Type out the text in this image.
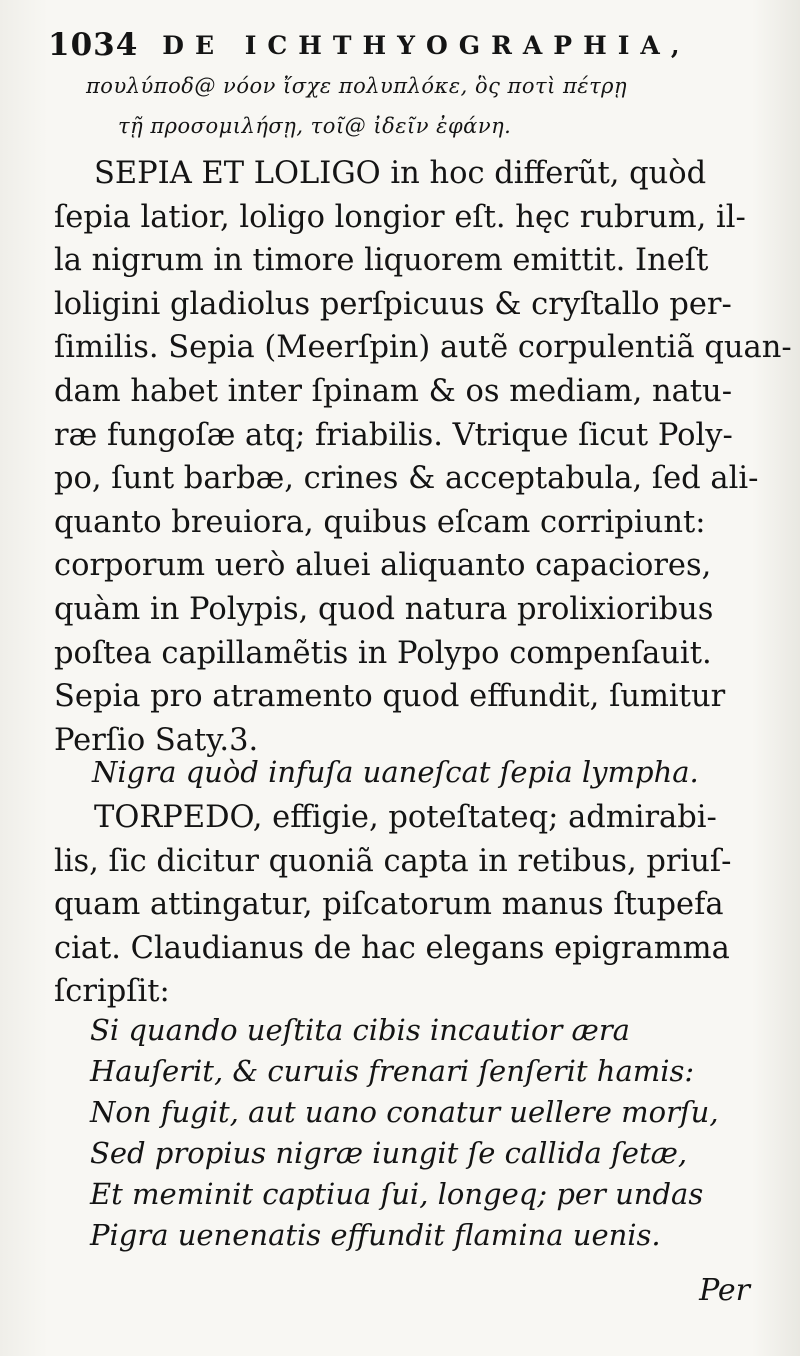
1034 DE ICHTHYOGRAPHIA,
πουλύποδ@ νόον ἴσχε πολυπλόκε, ὃς ποτὶ πέτρῃ
τῇ προσομιλήσῃ, τοῖ@ ἰδεῖν ἐφάνη.
SEPIA ET LOLIGO in hoc differũt, quòd
ſepia latior, loligo longior eſt. hęc rubrum, il-
la nigrum in timore liquorem emittit. Ineſt
loligini gladiolus perſpicuus & cryſtallo per-
ſimilis. Sepia (Meerſpin) autẽ corpulentiã quan-
dam habet inter ſpinam & os mediam, natu-
ræ fungoſæ atq; friabilis. Vtrique ſicut Poly-
po, ſunt barbæ, crines & acceptabula, ſed ali-
quanto breuiora, quibus eſcam corripiunt:
corporum uerò aluei aliquanto capaciores,
quàm in Polypis, quod natura prolixioribus
poſtea capillamẽtis in Polypo compenſauit.
Sepia pro atramento quod effundit, ſumitur
Perſio Saty.3.
Nigra quòd infuſa uaneſcat ſepia lympha.
TORPEDO, effigie, poteſtateq; admirabi-
lis, ſic dicitur quoniã capta in retibus, priuſ-
quam attingatur, piſcatorum manus ſtupefa
ciat. Claudianus de hac elegans epigramma
ſcripſit:
Si quando ueſtita cibis incautior æra
Hauſerit, & curuis frenari ſenſerit hamis:
Non fugit, aut uano conatur uellere morſu,
Sed propius nigræ iungit ſe callida ſetæ,
Et meminit captiua ſui, longeq; per undas
Pigra uenenatis effundit flamina uenis.
Per
